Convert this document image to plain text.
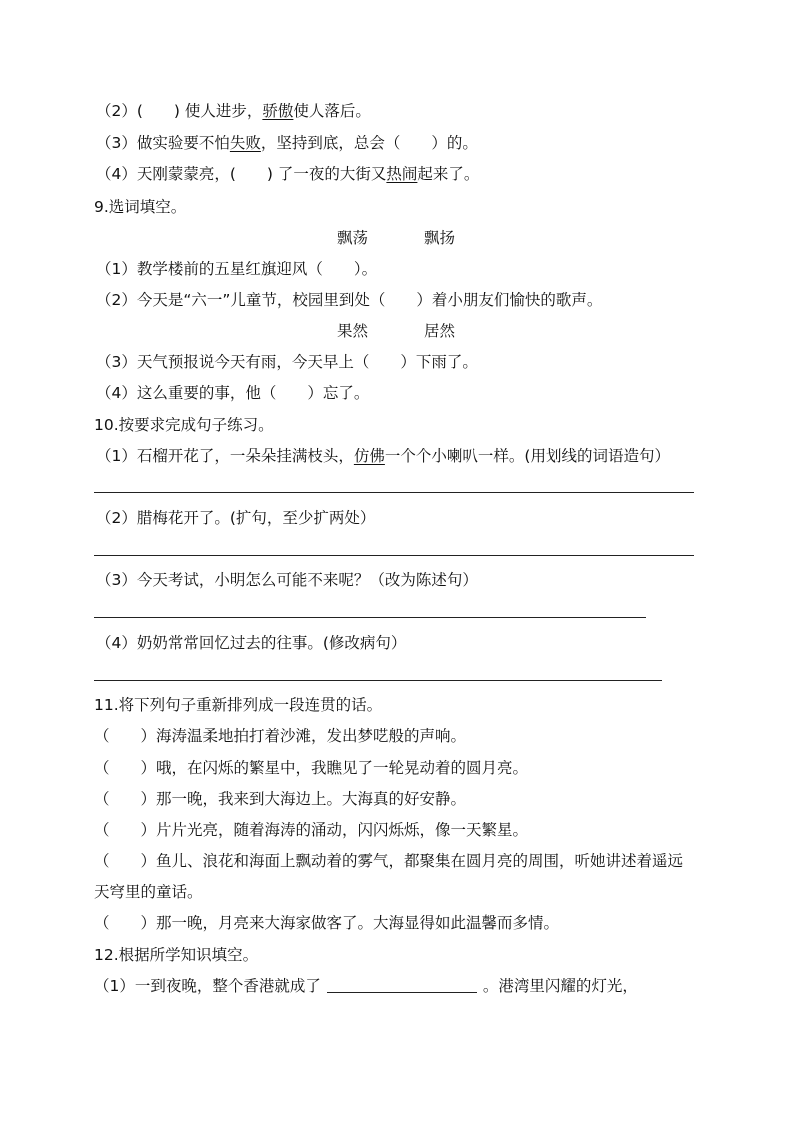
（2）(　　) 使人进步，骄傲使人落后。
（3）做实验要不怕失败，坚持到底，总会（　　）的。
（4）天刚蒙蒙亮，(　　) 了一夜的大街又热闹起来了。
9.选词填空。
飘荡	飘扬
（1）教学楼前的五星红旗迎风（　　）。
（2）今天是“六一”儿童节，校园里到处（　　）着小朋友们愉快的歌声。
果然	居然
（3）天气预报说今天有雨，今天早上（　　）下雨了。
（4）这么重要的事，他（　　）忘了。
10.按要求完成句子练习。
（1）石榴开花了，一朵朵挂满枝头，仿佛一个个小喇叭一样。(用划线的词语造句）
（2）腊梅花开了。(扩句，至少扩两处）
（3）今天考试，小明怎么可能不来呢？（改为陈述句）
（4）奶奶常常回忆过去的往事。(修改病句）
11.将下列句子重新排列成一段连贯的话。
（　　）海涛温柔地拍打着沙滩，发出梦呓般的声响。
（　　）哦，在闪烁的繁星中，我瞧见了一轮晃动着的圆月亮。
（　　）那一晚，我来到大海边上。大海真的好安静。
（　　）片片光亮，随着海涛的涌动，闪闪烁烁，像一天繁星。
（　　）鱼儿、浪花和海面上飘动着的雾气，都聚集在圆月亮的周围，听她讲述着遥远
天穹里的童话。
（　　）那一晚，月亮来大海家做客了。大海显得如此温馨而多情。
12.根据所学知识填空。
（1）一到夜晚，整个香港就成了	。港湾里闪耀的灯光，
